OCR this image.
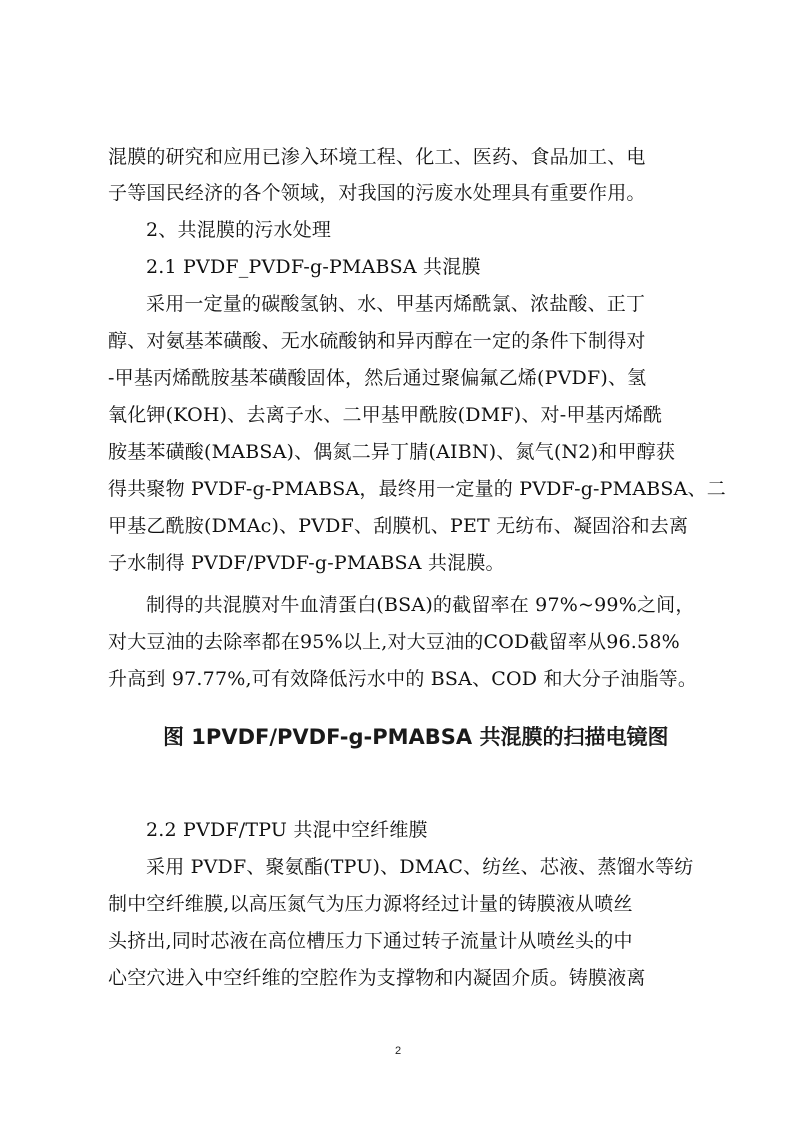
混膜的研究和应用已渗入环境工程、化工、医药、食品加工、电
子等国民经济的各个领域，对我国的污废水处理具有重要作用。
2、共混膜的污水处理
2.1 PVDF_PVDF-g-PMABSA 共混膜
采用一定量的碳酸氢钠、水、甲基丙烯酰氯、浓盐酸、正丁
醇、对氨基苯磺酸、无水硫酸钠和异丙醇在一定的条件下制得对
-甲基丙烯酰胺基苯磺酸固体，然后通过聚偏氟乙烯(PVDF)、氢
氧化钾(KOH)、去离子水、二甲基甲酰胺(DMF)、对-甲基丙烯酰
胺基苯磺酸(MABSA)、偶氮二异丁腈(AIBN)、氮气(N2)和甲醇获
得共聚物 PVDF-g-PMABSA，最终用一定量的 PVDF-g-PMABSA、二
甲基乙酰胺(DMAc)、PVDF、刮膜机、PET 无纺布、凝固浴和去离
子水制得 PVDF/PVDF-g-PMABSA 共混膜。
制得的共混膜对牛血清蛋白(BSA)的截留率在 97%~99%之间，
对大豆油的去除率都在95%以上,对大豆油的COD截留率从96.58%
升高到 97.77%,可有效降低污水中的 BSA、COD 和大分子油脂等。
图 1PVDF/PVDF-g-PMABSA 共混膜的扫描电镜图
2.2 PVDF/TPU 共混中空纤维膜
采用 PVDF、聚氨酯(TPU)、DMAC、纺丝、芯液、蒸馏水等纺
制中空纤维膜,以高压氮气为压力源将经过计量的铸膜液从喷丝
头挤出,同时芯液在高位槽压力下通过转子流量计从喷丝头的中
心空穴进入中空纤维的空腔作为支撑物和内凝固介质。铸膜液离
2
